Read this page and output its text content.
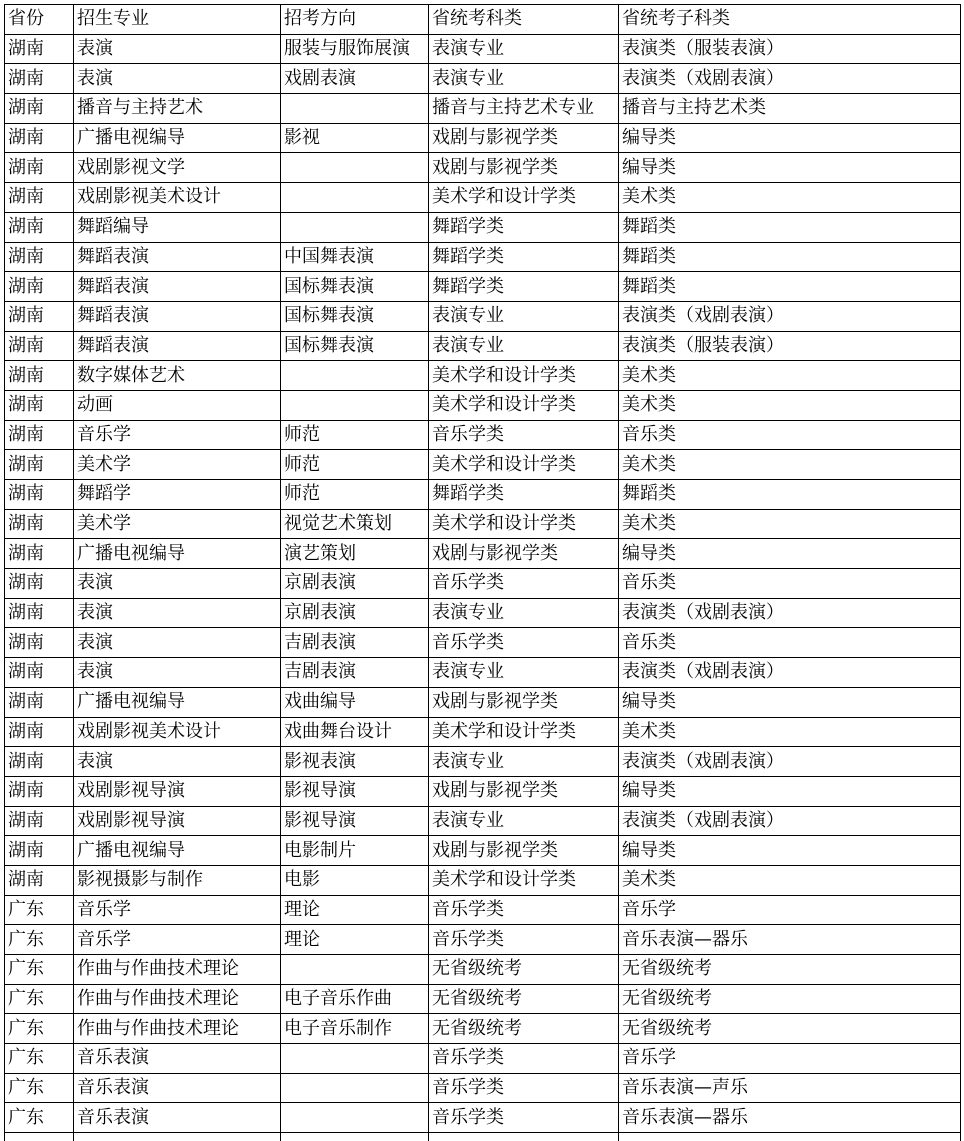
省份	招生专业	招考方向	省统考科类	省统考子科类
湖南	表演	服装与服饰展演	表演专业	表演类（服装表演）
湖南	表演	戏剧表演	表演专业	表演类（戏剧表演）
湖南	播音与主持艺术		播音与主持艺术专业	播音与主持艺术类
湖南	广播电视编导	影视	戏剧与影视学类	编导类
湖南	戏剧影视文学		戏剧与影视学类	编导类
湖南	戏剧影视美术设计		美术学和设计学类	美术类
湖南	舞蹈编导		舞蹈学类	舞蹈类
湖南	舞蹈表演	中国舞表演	舞蹈学类	舞蹈类
湖南	舞蹈表演	国标舞表演	舞蹈学类	舞蹈类
湖南	舞蹈表演	国标舞表演	表演专业	表演类（戏剧表演）
湖南	舞蹈表演	国标舞表演	表演专业	表演类（服装表演）
湖南	数字媒体艺术		美术学和设计学类	美术类
湖南	动画		美术学和设计学类	美术类
湖南	音乐学	师范	音乐学类	音乐类
湖南	美术学	师范	美术学和设计学类	美术类
湖南	舞蹈学	师范	舞蹈学类	舞蹈类
湖南	美术学	视觉艺术策划	美术学和设计学类	美术类
湖南	广播电视编导	演艺策划	戏剧与影视学类	编导类
湖南	表演	京剧表演	音乐学类	音乐类
湖南	表演	京剧表演	表演专业	表演类（戏剧表演）
湖南	表演	吉剧表演	音乐学类	音乐类
湖南	表演	吉剧表演	表演专业	表演类（戏剧表演）
湖南	广播电视编导	戏曲编导	戏剧与影视学类	编导类
湖南	戏剧影视美术设计	戏曲舞台设计	美术学和设计学类	美术类
湖南	表演	影视表演	表演专业	表演类（戏剧表演）
湖南	戏剧影视导演	影视导演	戏剧与影视学类	编导类
湖南	戏剧影视导演	影视导演	表演专业	表演类（戏剧表演）
湖南	广播电视编导	电影制片	戏剧与影视学类	编导类
湖南	影视摄影与制作	电影	美术学和设计学类	美术类
广东	音乐学	理论	音乐学类	音乐学
广东	音乐学	理论	音乐学类	音乐表演—器乐
广东	作曲与作曲技术理论		无省级统考	无省级统考
广东	作曲与作曲技术理论	电子音乐作曲	无省级统考	无省级统考
广东	作曲与作曲技术理论	电子音乐制作	无省级统考	无省级统考
广东	音乐表演		音乐学类	音乐学
广东	音乐表演		音乐学类	音乐表演—声乐
广东	音乐表演		音乐学类	音乐表演—器乐
